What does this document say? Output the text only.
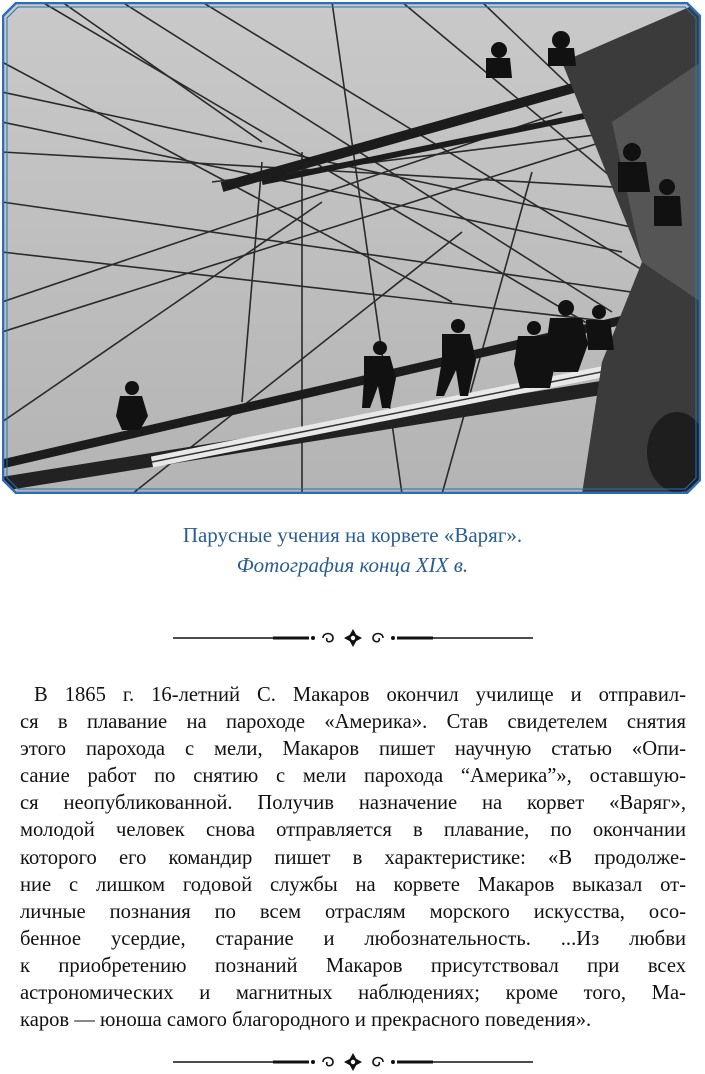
Парусные учения на корвете «Варяг».
Фотография конца XIX в.
В 1865 г. 16-летний С. Макаров окончил училище и отправил-
ся в плавание на пароходе «Америка». Став свидетелем снятия
этого парохода с мели, Макаров пишет научную статью «Опи-
сание работ по снятию с мели парохода “Америка”», оставшую-
ся неопубликованной. Получив назначение на корвет «Варяг»,
молодой человек снова отправляется в плавание, по окончании
которого его командир пишет в характеристике: «В продолже-
ние с лишком годовой службы на корвете Макаров выказал от-
личные познания по всем отраслям морского искусства, осо-
бенное усердие, старание и любознательность. ...Из любви
к приобретению познаний Макаров присутствовал при всех
астрономических и магнитных наблюдениях; кроме того, Ма-
каров — юноша самого благородного и прекрасного поведения».
